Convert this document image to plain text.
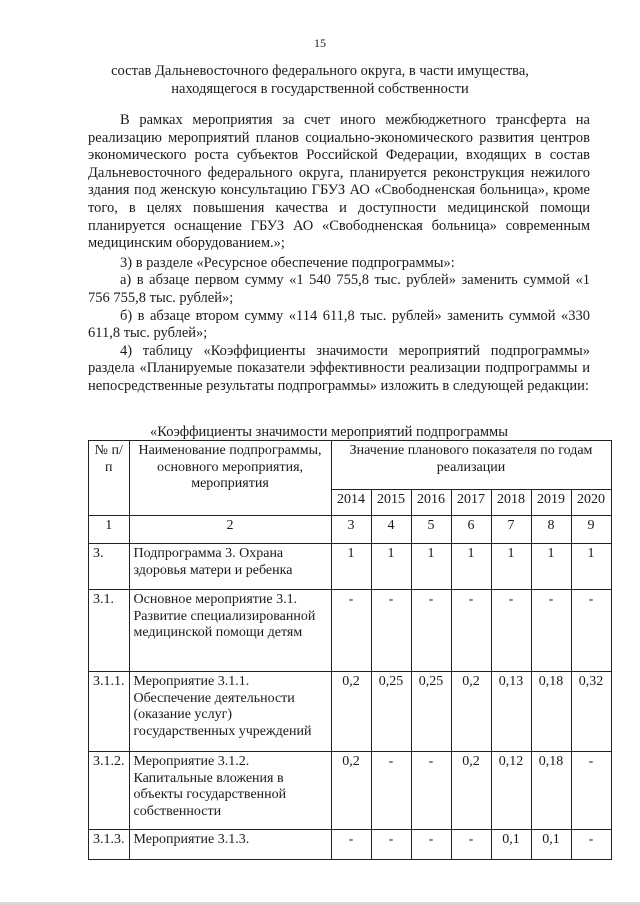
15
состав Дальневосточного федерального округа, в части имущества,
находящегося в государственной собственности

В рамках мероприятия за счет иного межбюджетного трансферта на реализацию мероприятий планов социально-экономического развития центров экономического роста субъектов Российской Федерации, входящих в состав Дальневосточного федерального округа, планируется реконструкция нежилого здания под женскую консультацию ГБУЗ АО «Свободненская больница», кроме того, в целях повышения качества и доступности медицинской помощи планируется оснащение ГБУЗ АО «Свободненская больница» современным медицинским оборудованием.»;

3) в разделе «Ресурсное обеспечение подпрограммы»:

а) в абзаце первом сумму «1 540 755,8 тыс. рублей» заменить суммой «1 756 755,8 тыс. рублей»;

б) в абзаце втором сумму «114 611,8 тыс. рублей» заменить суммой «330 611,8 тыс. рублей»;

4) таблицу «Коэффициенты значимости мероприятий подпрограммы» раздела «Планируемые показатели эффективности реализации подпрограммы и непосредственные результаты подпрограммы» изложить в следующей редакции:

«Коэффициенты значимости мероприятий подпрограммы
№ п/п	Наименование подпрограммы, основного мероприятия, мероприятия	Значение планового показателя по годам реализации						
		2014	2015	2016	2017	2018	2019	2020
1	2	3	4	5	6	7	8	9
3.	Подпрограмма 3. Охрана здоровья матери и ребенка	1	1	1	1	1	1	1
3.1.	Основное мероприятие 3.1. Развитие специализированной медицинской помощи детям	-	-	-	-	-	-	-
3.1.1.	Мероприятие 3.1.1. Обеспечение деятельности (оказание услуг) государственных учреждений	0,2	0,25	0,25	0,2	0,13	0,18	0,32
3.1.2.	Мероприятие 3.1.2. Капитальные вложения в объекты государственной собственности	0,2	-	-	0,2	0,12	0,18	-
3.1.3.	Мероприятие 3.1.3.	-	-	-	-	0,1	0,1	-
